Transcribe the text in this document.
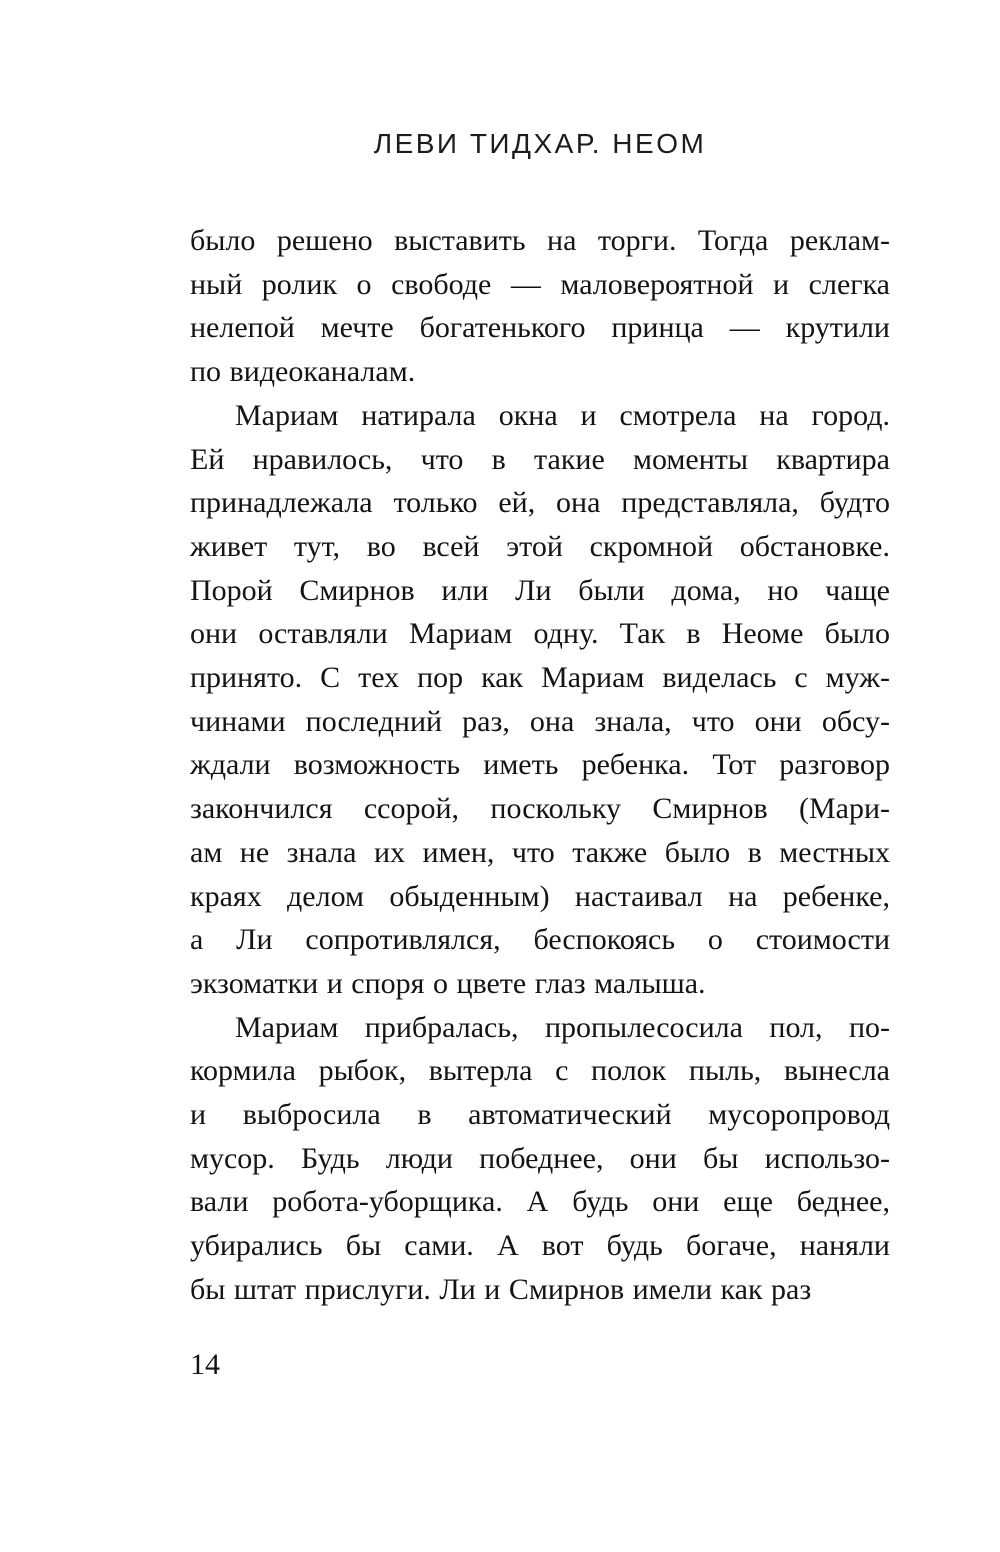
ЛЕВИ ТИДХАР. НЕОМ
было решено выставить на торги. Тогда реклам-
ный ролик о свободе — маловероятной и слегка
нелепой мечте богатенького принца — крутили
по видеоканалам.
Мариам натирала окна и смотрела на город.
Ей нравилось, что в такие моменты квартира
принадлежала только ей, она представляла, будто
живет тут, во всей этой скромной обстановке.
Порой Смирнов или Ли были дома, но чаще
они оставляли Мариам одну. Так в Неоме было
принято. С тех пор как Мариам виделась с муж-
чинами последний раз, она знала, что они обсу-
ждали возможность иметь ребенка. Тот разговор
закончился ссорой, поскольку Смирнов (Мари-
ам не знала их имен, что также было в местных
краях делом обыденным) настаивал на ребенке,
а Ли сопротивлялся, беспокоясь о стоимости
экзоматки и споря о цвете глаз малыша.
Мариам прибралась, пропылесосила пол, по-
кормила рыбок, вытерла с полок пыль, вынесла
и выбросила в автоматический мусоропровод
мусор. Будь люди победнее, они бы использо-
вали робота-уборщика. А будь они еще беднее,
убирались бы сами. А вот будь богаче, наняли
бы штат прислуги. Ли и Смирнов имели как раз
14
